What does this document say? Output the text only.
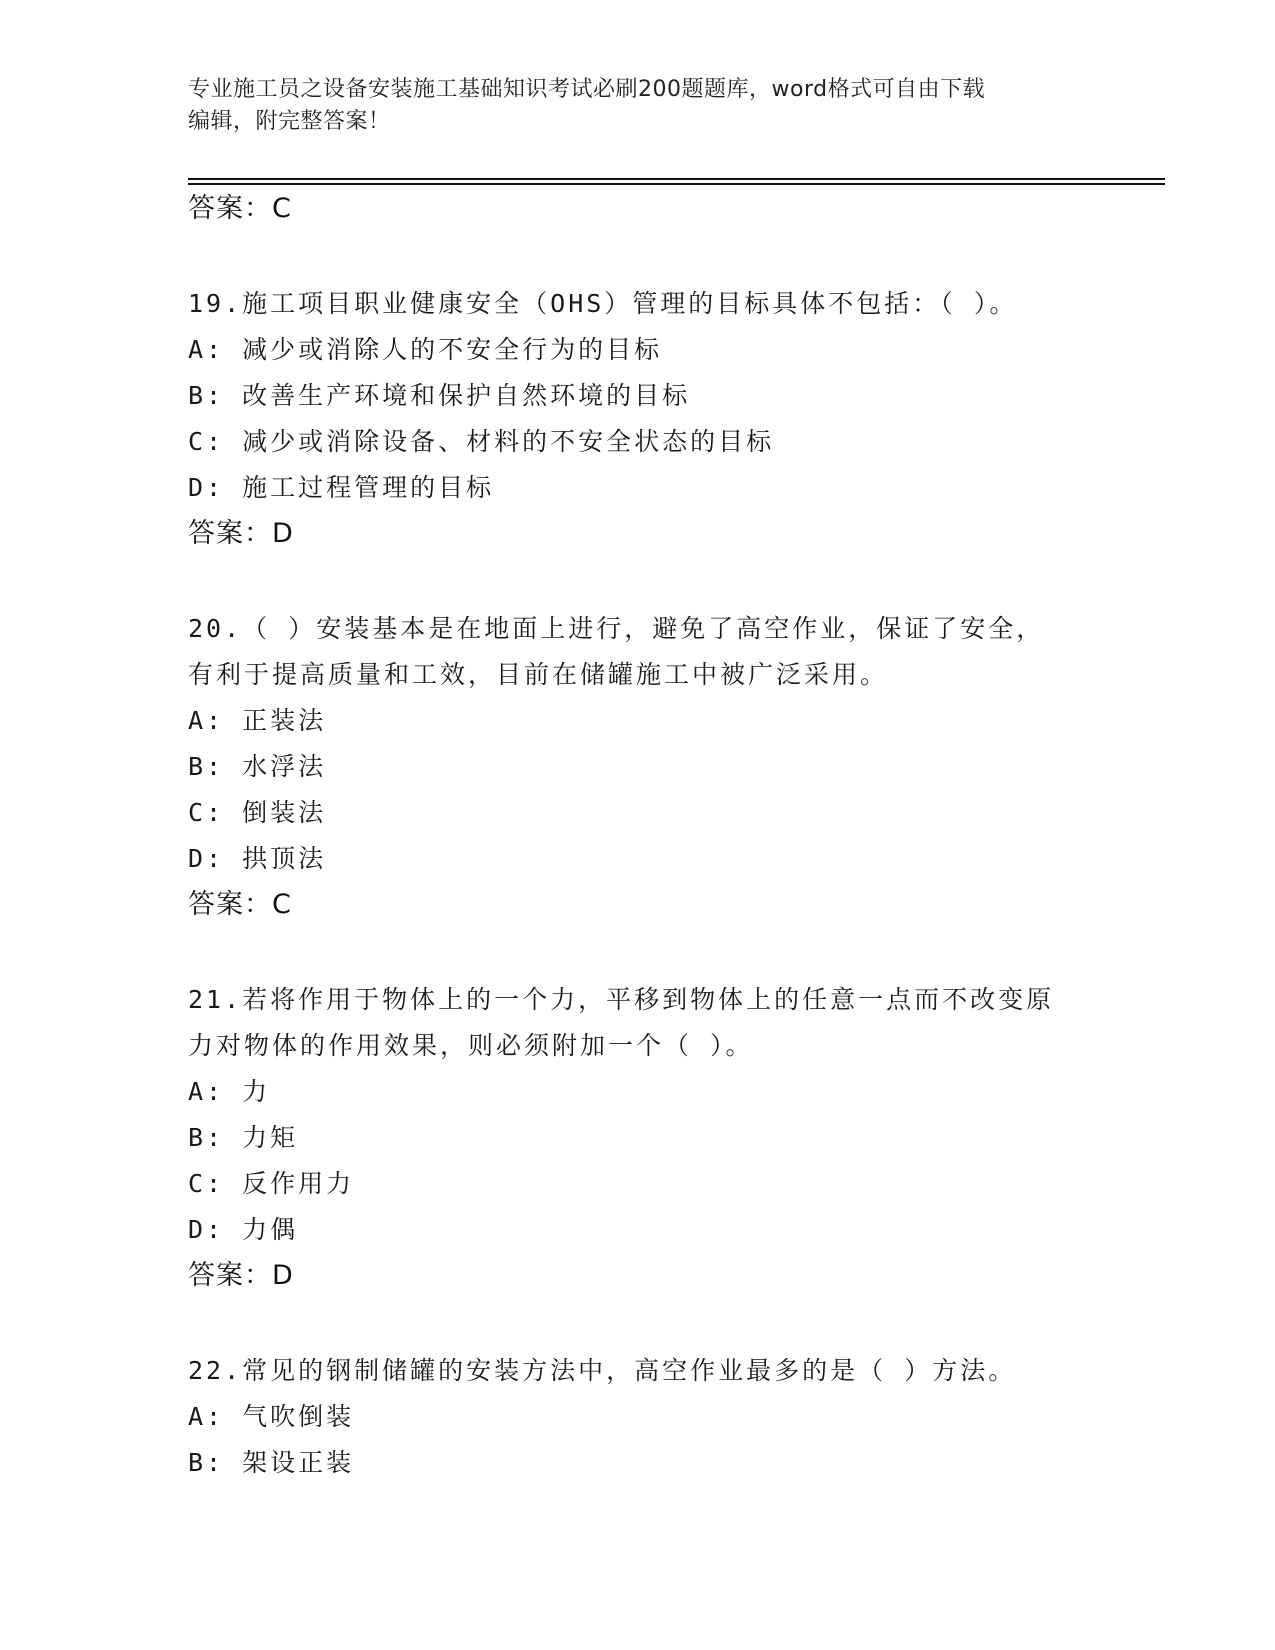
专业施工员之设备安装施工基础知识考试必刷200题题库，word格式可自由下载
编辑，附完整答案！
答案：C
19.施工项目职业健康安全（OHS）管理的目标具体不包括：（ ）。
A: 减少或消除人的不安全行为的目标
B: 改善生产环境和保护自然环境的目标
C: 减少或消除设备、材料的不安全状态的目标
D: 施工过程管理的目标
答案：D
20.（ ）安装基本是在地面上进行，避免了高空作业，保证了安全，
有利于提高质量和工效，目前在储罐施工中被广泛采用。
A: 正装法
B: 水浮法
C: 倒装法
D: 拱顶法
答案：C
21.若将作用于物体上的一个力，平移到物体上的任意一点而不改变原
力对物体的作用效果，则必须附加一个（ ）。
A: 力
B: 力矩
C: 反作用力
D: 力偶
答案：D
22.常见的钢制储罐的安装方法中，高空作业最多的是（ ）方法。
A: 气吹倒装
B: 架设正装
